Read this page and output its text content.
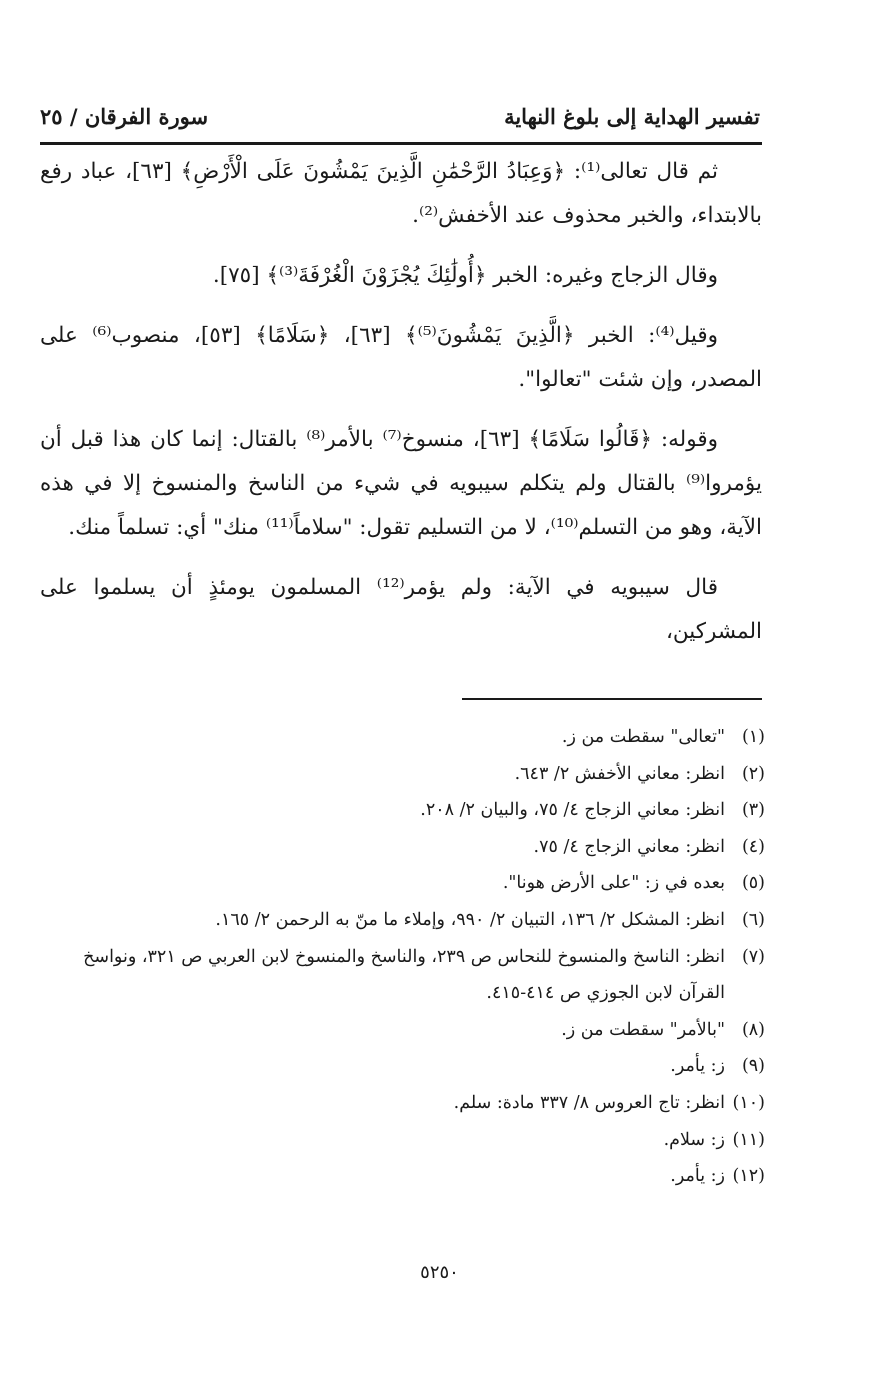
تفسير الهداية إلى بلوغ النهاية
سورة الفرقان / ٢٥

ثم قال تعالى⁽¹⁾: ﴿وَعِبَادُ الرَّحْمَٰنِ الَّذِينَ يَمْشُونَ عَلَى الْأَرْضِ﴾ [٦٣]، عباد رفع بالابتداء، والخبر محذوف عند الأخفش⁽²⁾.

وقال الزجاج وغيره: الخبر ﴿أُولَٰئِكَ يُجْزَوْنَ الْغُرْفَةَ⁽³⁾﴾ [٧٥].

وقيل⁽⁴⁾: الخبر ﴿الَّذِينَ يَمْشُونَ⁽⁵⁾﴾ [٦٣]، ﴿سَلَامًا﴾ [٥٣]، منصوب⁽⁶⁾ على المصدر، وإن شئت "تعالوا".

وقوله: ﴿قَالُوا سَلَامًا﴾ [٦٣]، منسوخ⁽⁷⁾ بالأمر⁽⁸⁾ بالقتال: إنما كان هذا قبل أن يؤمروا⁽⁹⁾ بالقتال ولم يتكلم سيبويه في شيء من الناسخ والمنسوخ إلا في هذه الآية، وهو من التسلم⁽¹⁰⁾، لا من التسليم تقول: "سلاماً⁽¹¹⁾ منك" أي: تسلماً منك.

قال سيبويه في الآية: ولم يؤمر⁽¹²⁾ المسلمون يومئذٍ أن يسلموا على المشركين،

(١)
"تعالى" سقطت من ز.
(٢)
انظر: معاني الأخفش ٢/ ٦٤٣.
(٣)
انظر: معاني الزجاج ٤/ ٧٥، والبيان ٢/ ٢٠٨.
(٤)
انظر: معاني الزجاج ٤/ ٧٥.
(٥)
بعده في ز: "على الأرض هونا".
(٦)
انظر: المشكل ٢/ ١٣٦، التبيان ٢/ ٩٩٠، وإملاء ما منّ به الرحمن ٢/ ١٦٥.
(٧)
انظر: الناسخ والمنسوخ للنحاس ص ٢٣٩، والناسخ والمنسوخ لابن العربي ص ٣٢١، ونواسخ القرآن لابن الجوزي ص ٤١٤-٤١٥.
(٨)
"بالأمر" سقطت من ز.
(٩)
ز: يأمر.
(١٠)
انظر: تاج العروس ٨/ ٣٣٧ مادة: سلم.
(١١)
ز: سلام.
(١٢)
ز: يأمر.
٥٢٥٠
